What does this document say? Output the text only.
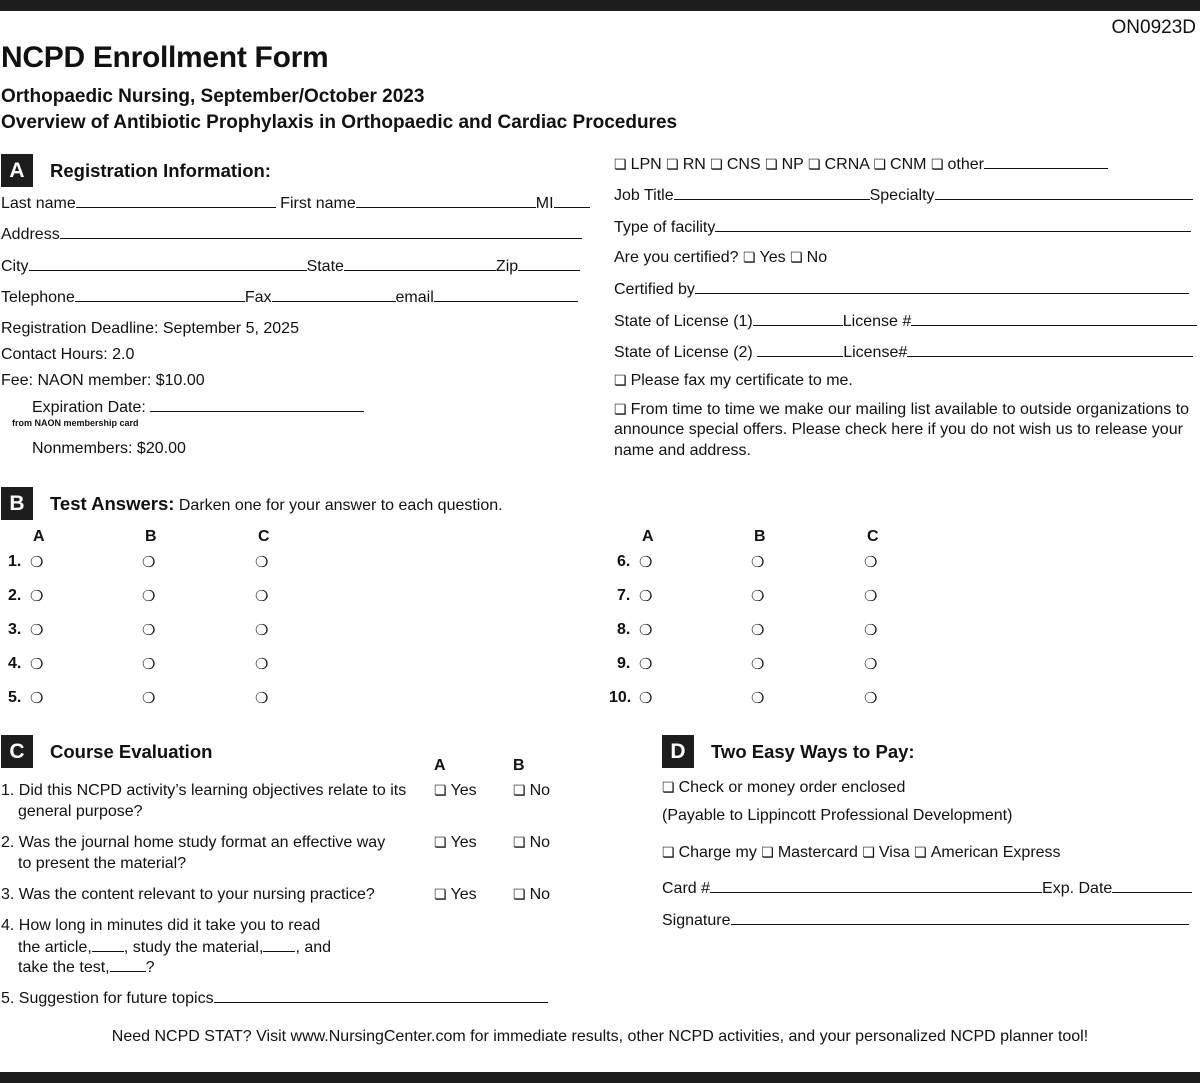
ON0923D
NCPD Enrollment Form
Orthopaedic Nursing, September/October 2023
Overview of Antibiotic Prophylaxis in Orthopaedic and Cardiac Procedures
A	Registration Information:
Last name	First name	MI
Address
City	State	Zip
Telephone	Fax	email
Registration Deadline: September 5, 2025
Contact Hours: 2.0
Fee: NAON member: $10.00
Expiration Date:
from NAON membership card
Nonmembers: $20.00
❏ LPN ❏ RN ❏ CNS ❏ NP ❏ CRNA ❏ CNM ❏ other
Job Title	Specialty
Type of facility
Are you certified? ❏ Yes ❏ No
Certified by
State of License (1)	License #
State of License (2)	License#
❏ Please fax my certificate to me.
❏ From time to time we make our mailing list available to outside organizations to
announce special offers. Please check here if you do not wish us to release your
name and address.
B	Test Answers: Darken one for your answer to each question.
A	B	C	A	B	C
1. ❍	❍	❍
2. ❍	❍	❍
3. ❍	❍	❍
4. ❍	❍	❍
5. ❍	❍	❍
6. ❍	❍	❍
7. ❍	❍	❍
8. ❍	❍	❍
9. ❍	❍	❍
10. ❍	❍	❍
C	Course Evaluation
A	B
1. Did this NCPD activity’s learning objectives relate to its
general purpose?
❏ Yes	❏ No
2. Was the journal home study format an effective way
to present the material?
❏ Yes	❏ No
3. Was the content relevant to your nursing practice?	❏ Yes	❏ No
4. How long in minutes did it take you to read
the article, , study the material, , and
take the test, ?
5. Suggestion for future topics
D	Two Easy Ways to Pay:
❏ Check or money order enclosed
(Payable to Lippincott Professional Development)
❏ Charge my ❏ Mastercard ❏ Visa ❏ American Express
Card #	Exp. Date
Signature
Need NCPD STAT? Visit www.NursingCenter.com for immediate results, other NCPD activities, and your personalized NCPD planner tool!
